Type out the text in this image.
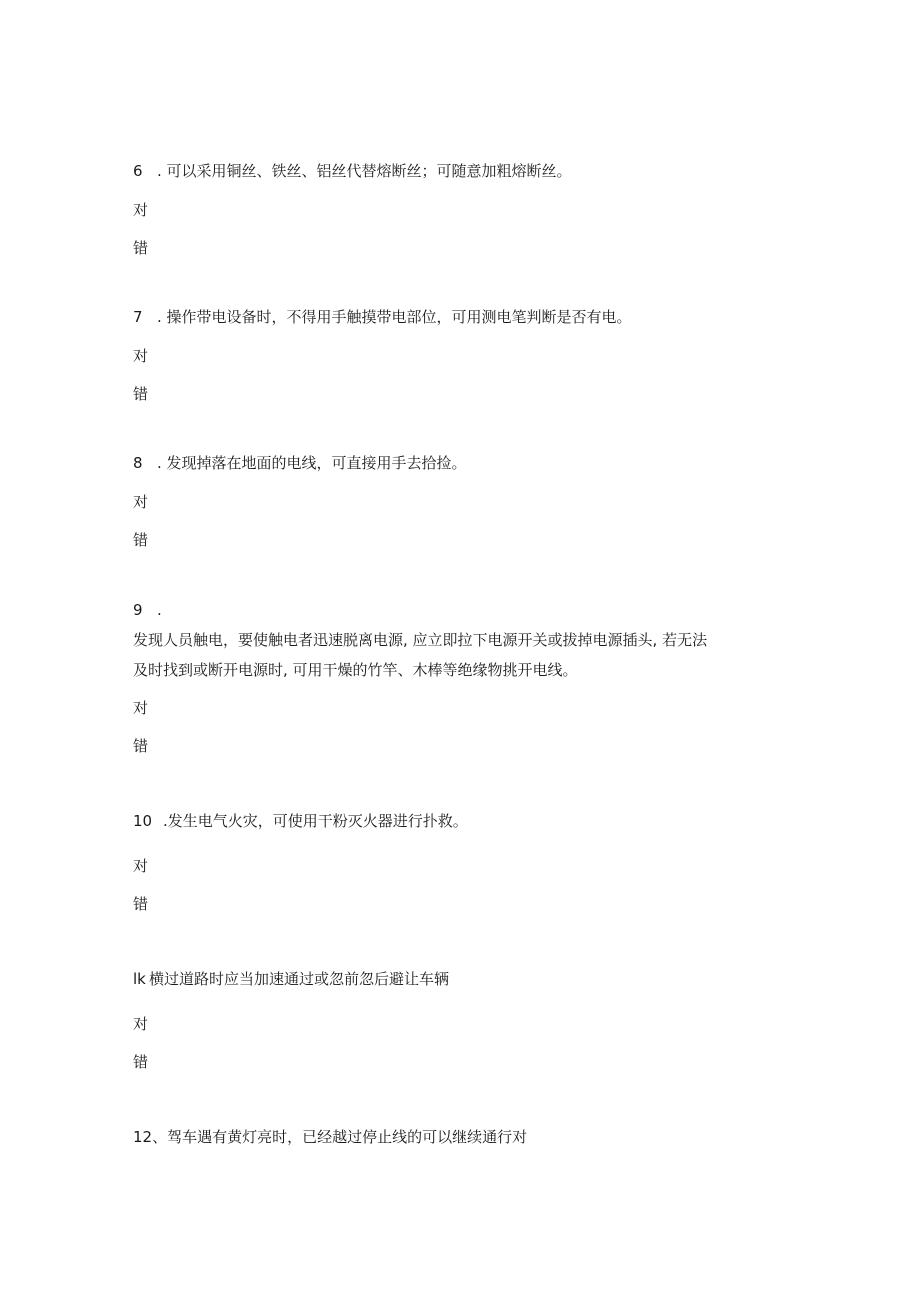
6 . 可以采用铜丝、铁丝、铝丝代替熔断丝；可随意加粗熔断丝。
对
错
7 . 操作带电设备时，不得用手触摸带电部位，可用测电笔判断是否有电。
对
错
8 . 发现掉落在地面的电线，可直接用手去拾捡。
对
错
9 .
发现人员触电，要使触电者迅速脱离电源, 应立即拉下电源开关或拔掉电源插头, 若无法
及时找到或断开电源时, 可用干燥的竹竿、木棒等绝缘物挑开电线。
对
错
10 .发生电气火灾，可使用干粉灭火器进行扑救。
对
错
lk 横过道路时应当加速通过或忽前忽后避让车辆
对
错
12、驾车遇有黄灯亮时，已经越过停止线的可以继续通行对
